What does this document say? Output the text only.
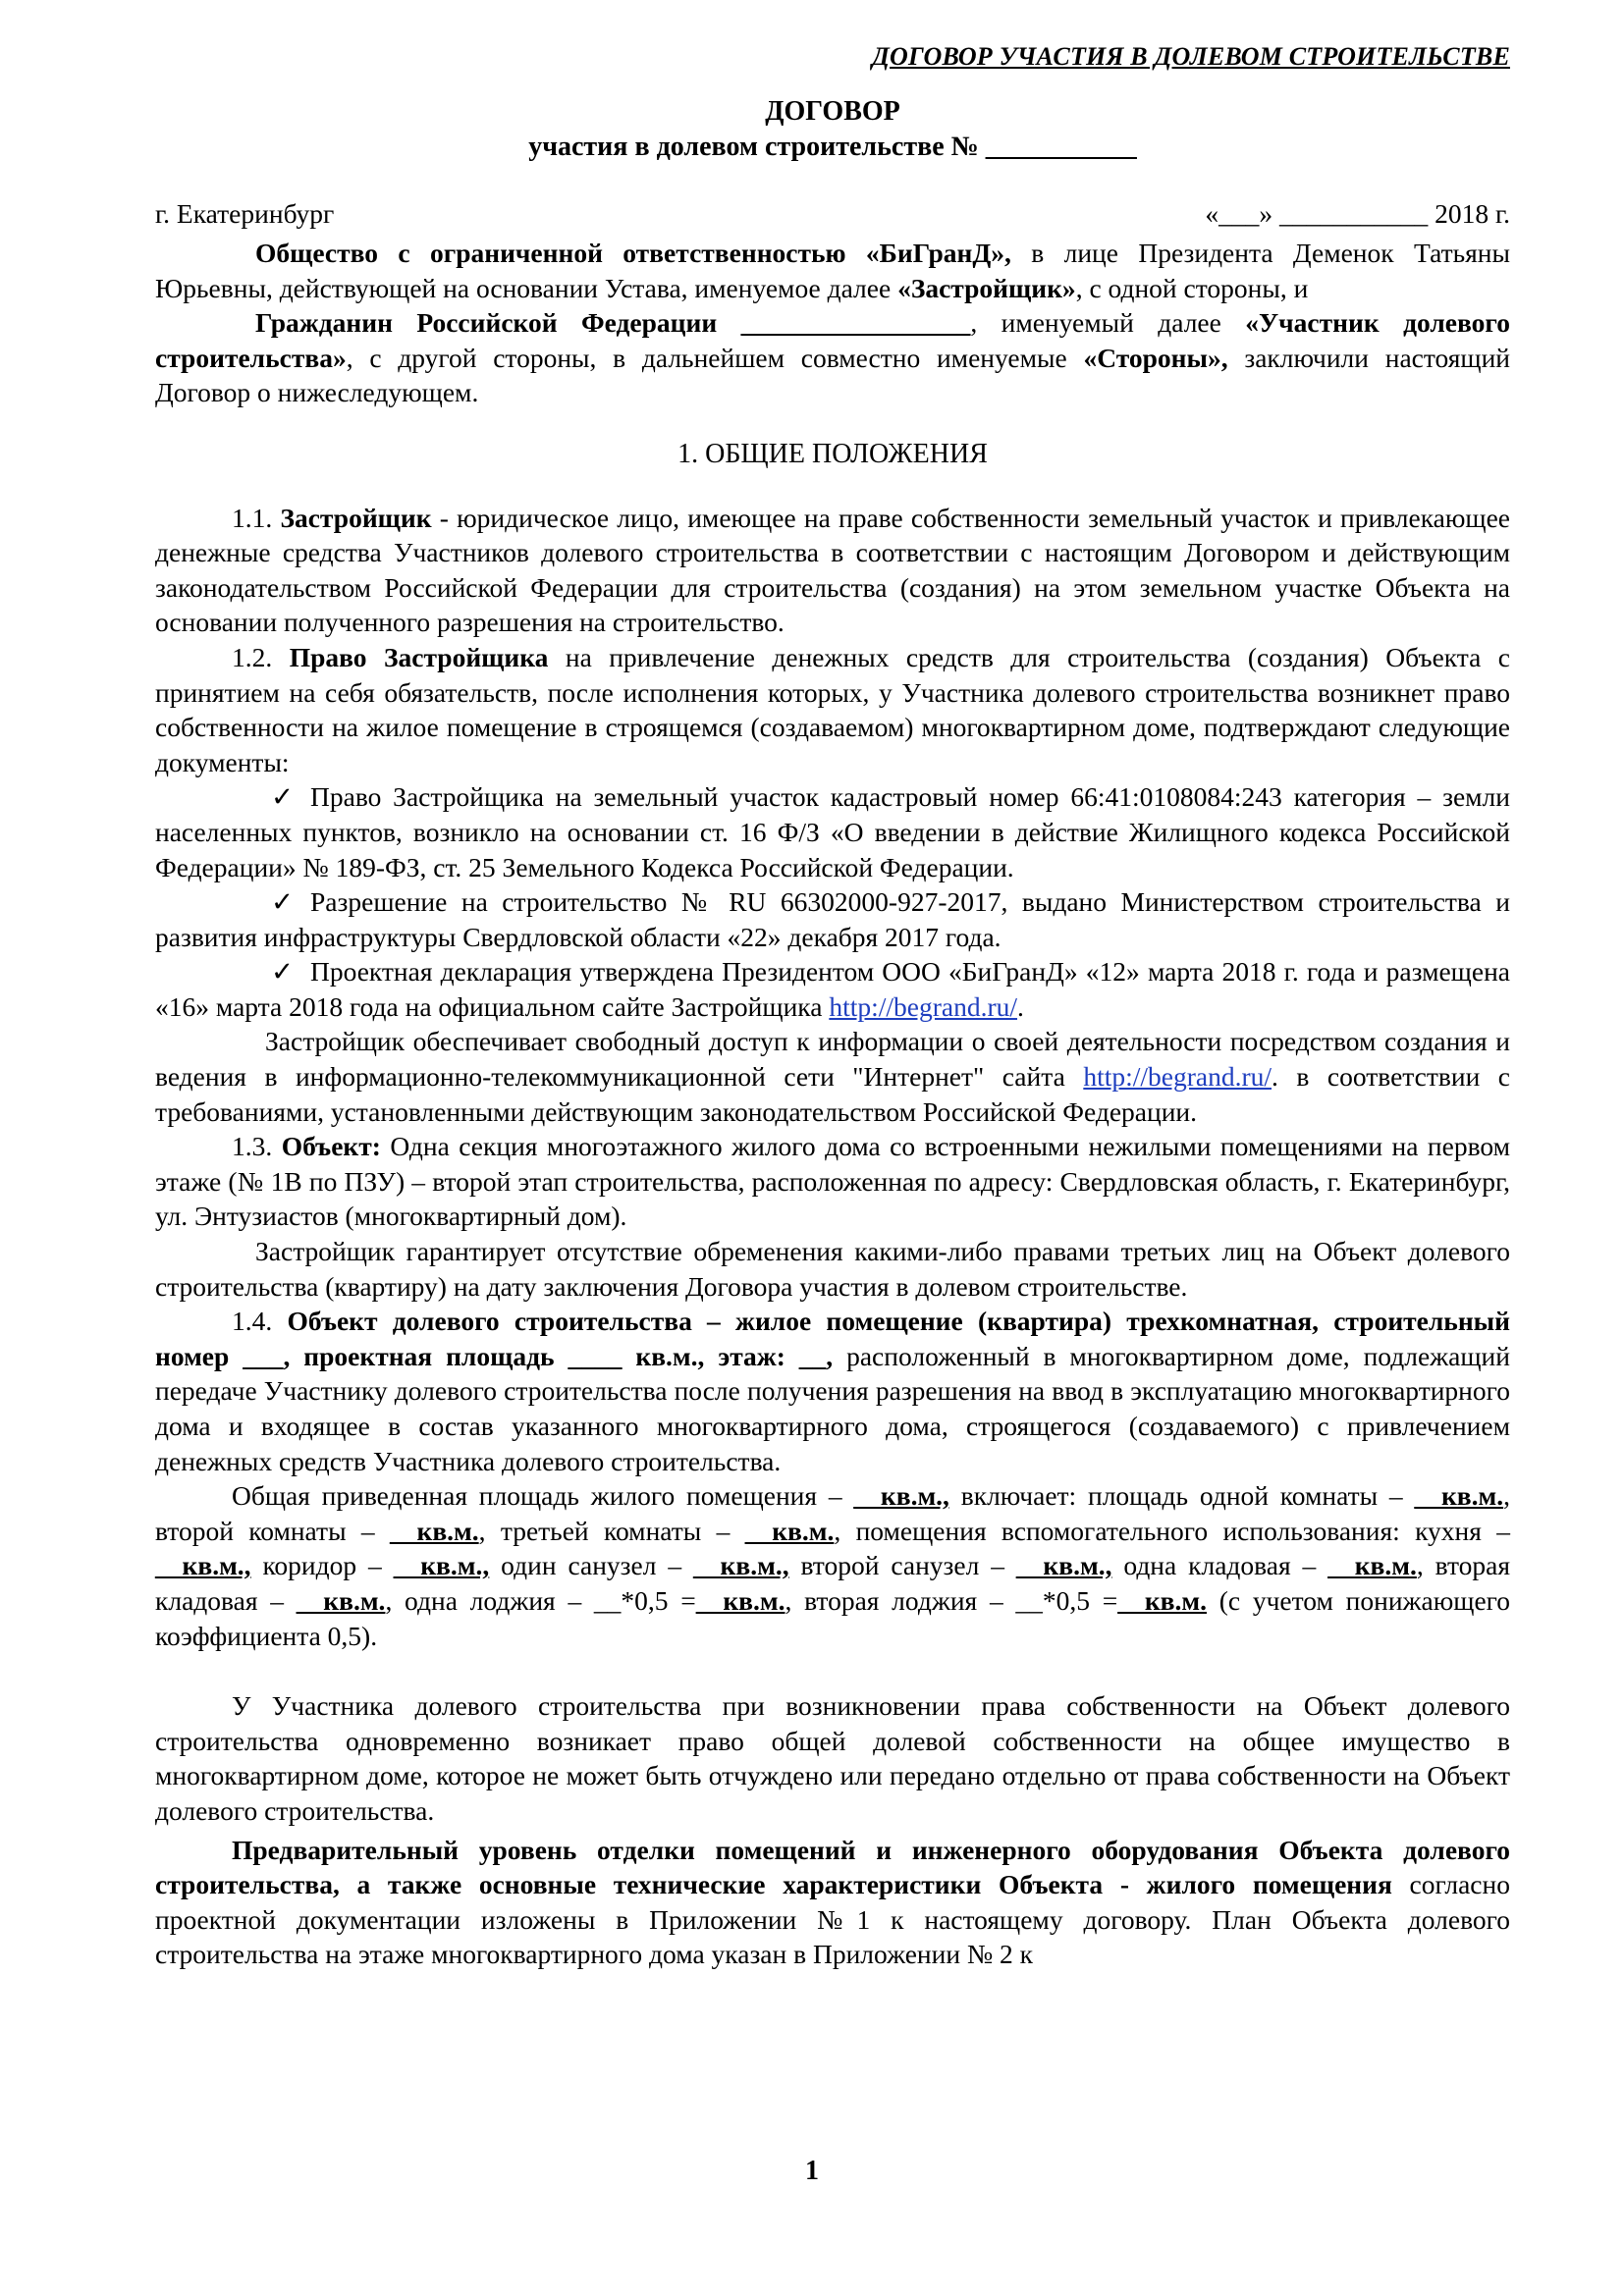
ДОГОВОР УЧАСТИЯ В ДОЛЕВОМ СТРОИТЕЛЬСТВЕ
ДОГОВОР
участия в долевом строительстве № ___________
г. Екатеринбург	«___» ___________ 2018 г.

Общество с ограниченной ответственностью «БиГранД», в лице Президента Деменок Татьяны Юрьевны, действующей на основании Устава, именуемое далее «Застройщик», с одной стороны, и

Гражданин Российской Федерации _________________, именуемый далее «Участник долевого строительства», с другой стороны, в дальнейшем совместно именуемые «Стороны», заключили настоящий Договор о нижеследующем.

1. ОБЩИЕ ПОЛОЖЕНИЯ

1.1. Застройщик - юридическое лицо, имеющее на праве собственности земельный участок и привлекающее денежные средства Участников долевого строительства в соответствии с настоящим Договором и действующим законодательством Российской Федерации для строительства (создания) на этом земельном участке Объекта на основании полученного разрешения на строительство.

1.2. Право Застройщика на привлечение денежных средств для строительства (создания) Объекта с принятием на себя обязательств, после исполнения которых, у Участника долевого строительства возникнет право собственности на жилое помещение в строящемся (создаваемом) многоквартирном доме, подтверждают следующие документы:

✓ Право Застройщика на земельный участок кадастровый номер 66:41:0108084:243 категория – земли населенных пунктов, возникло на основании ст. 16 Ф/З «О введении в действие Жилищного кодекса Российской Федерации» № 189-ФЗ, ст. 25 Земельного Кодекса Российской Федерации.

✓ Разрешение на строительство № RU 66302000-927-2017, выдано Министерством строительства и развития инфраструктуры Свердловской области «22» декабря 2017 года.

✓ Проектная декларация утверждена Президентом ООО «БиГранД» «12» марта 2018 г. года и размещена «16» марта 2018 года на официальном сайте Застройщика http://begrand.ru/.

Застройщик обеспечивает свободный доступ к информации о своей деятельности посредством создания и ведения в информационно-телекоммуникационной сети "Интернет" сайта http://begrand.ru/. в соответствии с требованиями, установленными действующим законодательством Российской Федерации.

1.3. Объект: Одна секция многоэтажного жилого дома со встроенными нежилыми помещениями на первом этаже (№ 1В по ПЗУ) – второй этап строительства, расположенная по адресу: Свердловская область, г. Екатеринбург, ул. Энтузиастов (многоквартирный дом).

Застройщик гарантирует отсутствие обременения какими-либо правами третьих лиц на Объект долевого строительства (квартиру) на дату заключения Договора участия в долевом строительстве.

1.4. Объект долевого строительства – жилое помещение (квартира) трехкомнатная, строительный номер ___, проектная площадь ____ кв.м., этаж: __, расположенный в многоквартирном доме, подлежащий передаче Участнику долевого строительства после получения разрешения на ввод в эксплуатацию многоквартирного дома и входящее в состав указанного многоквартирного дома, строящегося (создаваемого) с привлечением денежных средств Участника долевого строительства.

Общая приведенная площадь жилого помещения – __кв.м., включает: площадь одной комнаты – __кв.м., второй комнаты – __кв.м., третьей комнаты – __кв.м., помещения вспомогательного использования: кухня – __кв.м., коридор – __кв.м., один санузел – __кв.м., второй санузел – __кв.м., одна кладовая – __кв.м., вторая кладовая – __кв.м., одна лоджия – __*0,5 =__кв.м., вторая лоджия – __*0,5 =__кв.м. (с учетом понижающего коэффициента 0,5).

У Участника долевого строительства при возникновении права собственности на Объект долевого строительства одновременно возникает право общей долевой собственности на общее имущество в многоквартирном доме, которое не может быть отчуждено или передано отдельно от права собственности на Объект долевого строительства.

Предварительный уровень отделки помещений и инженерного оборудования Объекта долевого строительства, а также основные технические характеристики Объекта - жилого помещения согласно проектной документации изложены в Приложении №1 к настоящему договору. План Объекта долевого строительства на этаже многоквартирного дома указан в Приложении № 2 к

1
